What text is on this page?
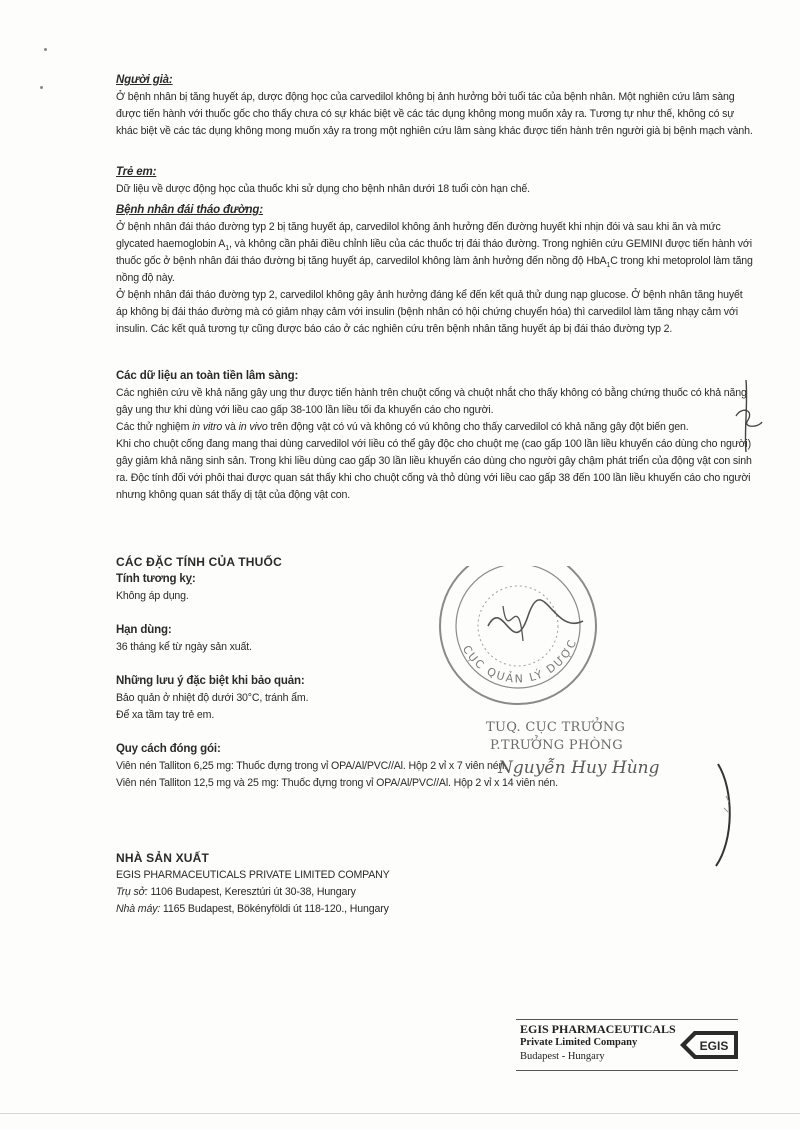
Người già:

Ở bệnh nhân bị tăng huyết áp, dược động học của carvedilol không bị ảnh hưởng bởi tuổi tác của bệnh nhân. Một nghiên cứu lâm sàng được tiến hành với thuốc gốc cho thấy chưa có sự khác biệt về các tác dụng không mong muốn xảy ra. Tương tự như thế, không có sự khác biệt về các tác dụng không mong muốn xảy ra trong một nghiên cứu lâm sàng khác được tiến hành trên người già bị bệnh mạch vành.

Trẻ em:

Dữ liệu về dược động học của thuốc khi sử dụng cho bệnh nhân dưới 18 tuổi còn hạn chế.

Bệnh nhân đái tháo đường:

Ở bệnh nhân đái tháo đường typ 2 bị tăng huyết áp, carvedilol không ảnh hưởng đến đường huyết khi nhịn đói và sau khi ăn và mức glycated haemoglobin $A_1$, và không cần phải điều chỉnh liều của các thuốc trị đái tháo đường. Trong nghiên cứu GEMINI được tiến hành với thuốc gốc ở bệnh nhân đái tháo đường bị tăng huyết áp, carvedilol không làm ảnh hưởng đến nồng độ HbA$_1$C trong khi metoprolol làm tăng nồng độ này.

Ở bệnh nhân đái tháo đường typ 2, carvedilol không gây ảnh hưởng đáng kể đến kết quả thử dung nạp glucose. Ở bệnh nhân tăng huyết áp không bị đái tháo đường mà có giảm nhạy cảm với insulin (bệnh nhân có hội chứng chuyển hóa) thì carvedilol làm tăng nhạy cảm với insulin. Các kết quả tương tự cũng được báo cáo ở các nghiên cứu trên bệnh nhân tăng huyết áp bị đái tháo đường typ 2.

Các dữ liệu an toàn tiền lâm sàng:

Các nghiên cứu về khả năng gây ung thư được tiến hành trên chuột cống và chuột nhắt cho thấy không có bằng chứng thuốc có khả năng gây ung thư khi dùng với liều cao gấp 38-100 lần liều tối đa khuyến cáo cho người.

Các thử nghiệm in vitro và in vivo trên động vật có vú và không có vú không cho thấy carvedilol có khả năng gây đột biến gen.

Khi cho chuột cống đang mang thai dùng carvedilol với liều có thể gây độc cho chuột mẹ (cao gấp 100 lần liều khuyến cáo dùng cho người) gây giảm khả năng sinh sản. Trong khi liều dùng cao gấp 30 lần liều khuyến cáo dùng cho người gây chậm phát triển của động vật con sinh ra. Độc tính đối với phôi thai được quan sát thấy khi cho chuột cống và thỏ dùng với liều cao gấp 38 đến 100 lần liều khuyến cáo cho người nhưng không quan sát thấy dị tật của động vật con.

CÁC ĐẶC TÍNH CỦA THUỐC

Tính tương kỵ:

Không áp dụng.

Hạn dùng:

36 tháng kể từ ngày sản xuất.

Những lưu ý đặc biệt khi bảo quản:

Bảo quản ở nhiệt độ dưới 30°C, tránh ẩm.

Để xa tầm tay trẻ em.

Quy cách đóng gói:

Viên nén Talliton 6,25 mg: Thuốc đựng trong vỉ OPA/Al/PVC//Al. Hộp 2 vỉ x 7 viên nén.

Viên nén Talliton 12,5 mg và 25 mg: Thuốc đựng trong vỉ OPA/Al/PVC//Al. Hộp 2 vỉ x 14 viên nén.

NHÀ SẢN XUẤT

EGIS PHARMACEUTICALS PRIVATE LIMITED COMPANY

Trụ sở: 1106 Budapest, Keresztúri út 30-38, Hungary

Nhà máy: 1165 Budapest, Bökényföldi út 118-120., Hungary

CỤC QUẢN LÝ DƯỢC
TUQ. CỤC TRƯỞNG
P.TRƯỞNG PHÒNG
Nguyễn Huy Hùng
EGIS PHARMACEUTICALS
Private Limited Company
Budapest - Hungary
EGIS
